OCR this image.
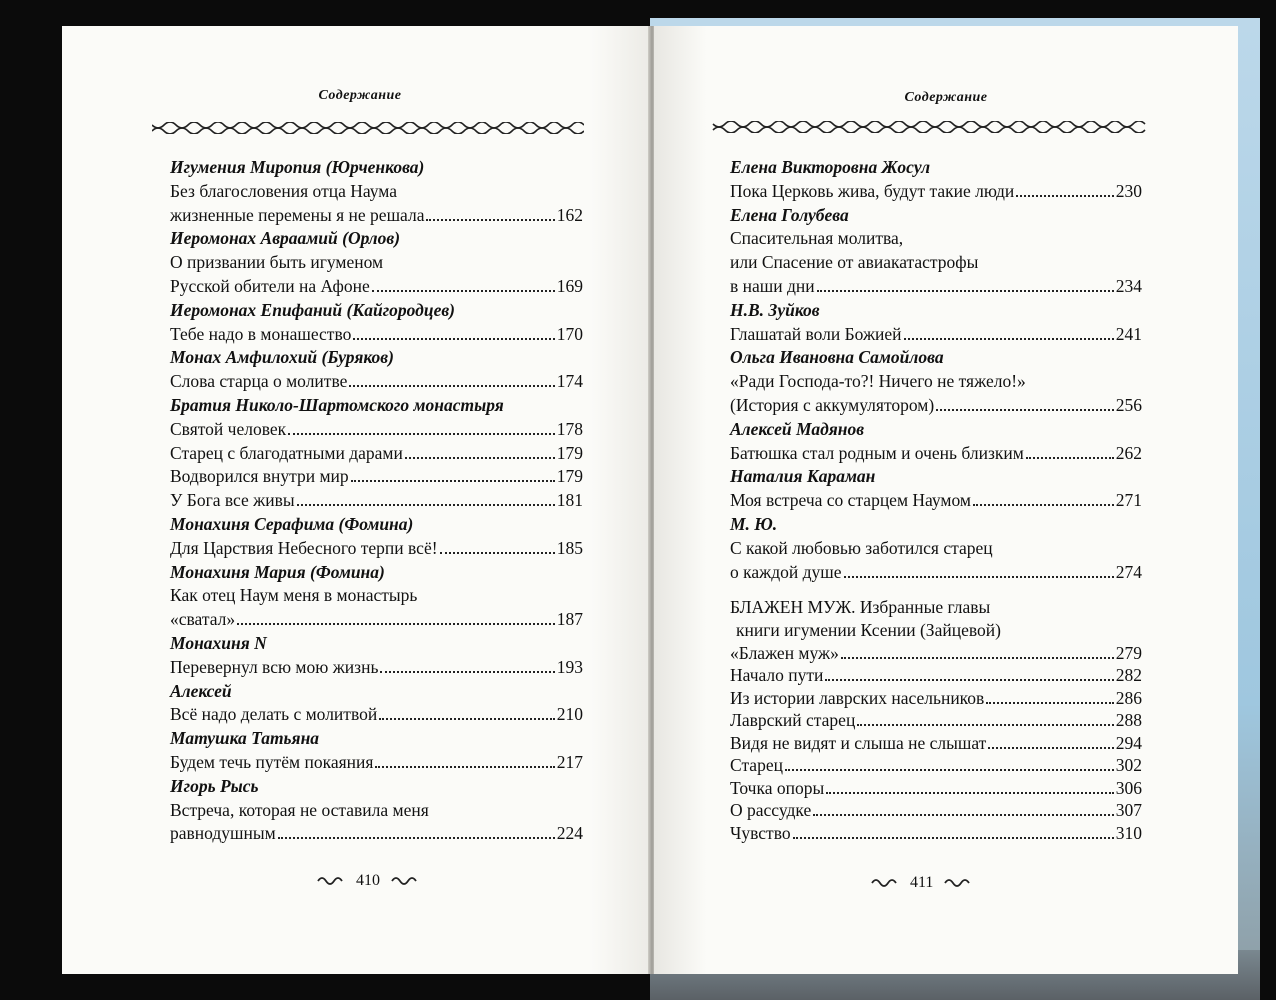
Содержание
Игумения Миропия (Юрченкова)
Без благословения отца Наума
жизненные перемены я не решала	162
Иеромонах Авраамий (Орлов)
О призвании быть игуменом
Русской обители на Афоне	169
Иеромонах Епифаний (Кайгородцев)
Тебе надо в монашество	170
Монах Амфилохий (Буряков)
Слова старца о молитве	174
Братия Николо-Шартомского монастыря
Святой человек	178
Старец с благодатными дарами	179
Водворился внутри мир	179
У Бога все живы	181
Монахиня Серафима (Фомина)
Для Царствия Небесного терпи всё!	185
Монахиня Мария (Фомина)
Как отец Наум меня в монастырь
«сватал»	187
Монахиня N
Перевернул всю мою жизнь	193
Алексей
Всё надо делать с молитвой	210
Матушка Татьяна
Будем течь путём покаяния	217
Игорь Рысь
Встреча, которая не оставила меня
равнодушным	224
410
Содержание
Елена Викторовна Жосул
Пока Церковь жива, будут такие люди	230
Елена Голубева
Спасительная молитва,
или Спасение от авиакатастрофы
в наши дни	234
Н.В. Зуйков
Глашатай воли Божией	241
Ольга Ивановна Самойлова
«Ради Господа-то?! Ничего не тяжело!»
(История с аккумулятором)	256
Алексей Мадянов
Батюшка стал родным и очень близким	262
Наталия Караман
Моя встреча со старцем Наумом	271
М. Ю.
С какой любовью заботился старец
о каждой душе	274
БЛАЖЕН МУЖ. Избранные главы
книги игумении Ксении (Зайцевой)
«Блажен муж»	279
Начало пути	282
Из истории лаврских насельников	286
Лаврский старец	288
Видя не видят и слыша не слышат	294
Старец	302
Точка опоры	306
О рассудке	307
Чувство	310
411
